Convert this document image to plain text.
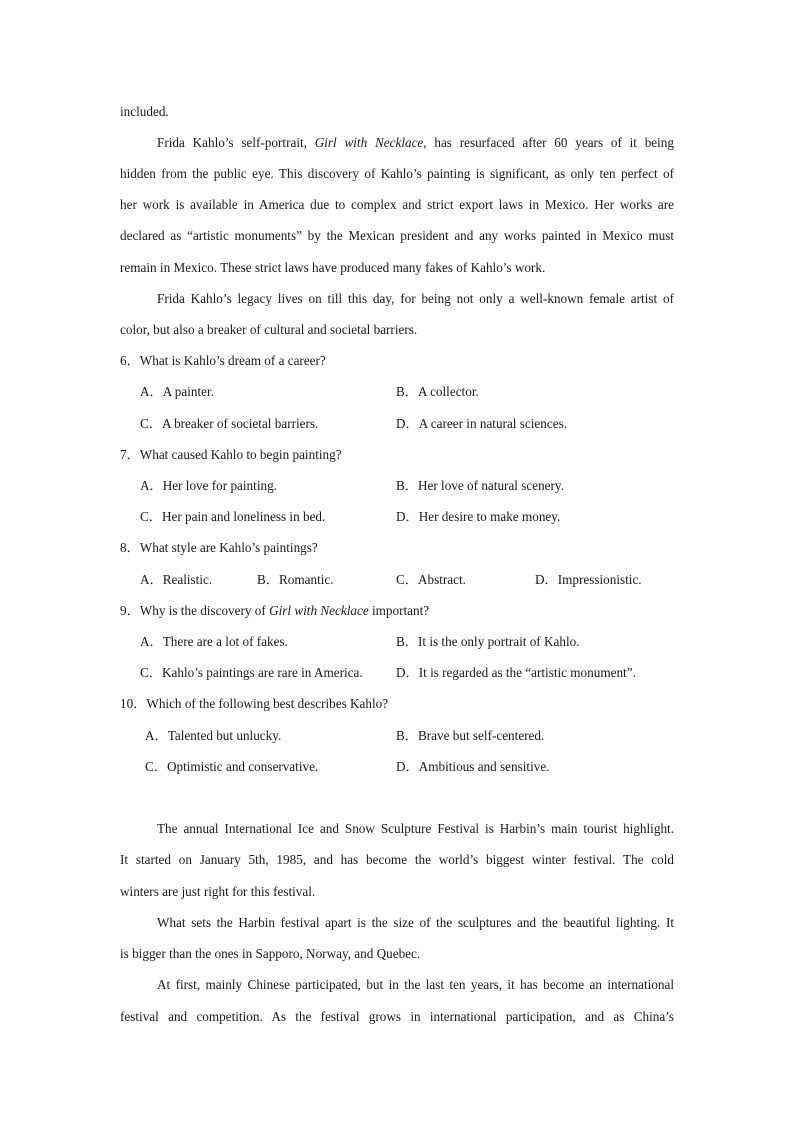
included.
Frida Kahlo’s self-portrait, Girl with Necklace, has resurfaced after 60 years of it being
hidden from the public eye. This discovery of Kahlo’s painting is significant, as only ten perfect of
her work is available in America due to complex and strict export laws in Mexico. Her works are
declared as “artistic monuments” by the Mexican president and any works painted in Mexico must
remain in Mexico. These strict laws have produced many fakes of Kahlo’s work.
Frida Kahlo’s legacy lives on till this day, for being not only a well-known female artist of
color, but also a breaker of cultural and societal barriers.
6．What is Kahlo’s dream of a career?
A．A painter.	B．A collector.
C．A breaker of societal barriers.	D．A career in natural sciences.
7．What caused Kahlo to begin painting?
A．Her love for painting.	B．Her love of natural scenery.
C．Her pain and loneliness in bed.	D．Her desire to make money.
8．What style are Kahlo’s paintings?
A．Realistic.	B．Romantic.	C．Abstract.	D．Impressionistic.
9．Why is the discovery of Girl with Necklace important?
A．There are a lot of fakes.	B．It is the only portrait of Kahlo.
C．Kahlo’s paintings are rare in America.	D．It is regarded as the “artistic monument”.
10．Which of the following best describes Kahlo?
A．Talented but unlucky.	B．Brave but self-centered.
C．Optimistic and conservative.	D．Ambitious and sensitive.
The annual International Ice and Snow Sculpture Festival is Harbin’s main tourist highlight.
It started on January 5th, 1985, and has become the world’s biggest winter festival. The cold
winters are just right for this festival.
What sets the Harbin festival apart is the size of the sculptures and the beautiful lighting. It
is bigger than the ones in Sapporo, Norway, and Quebec.
At first, mainly Chinese participated, but in the last ten years, it has become an international
festival and competition. As the festival grows in international participation, and as China’s
